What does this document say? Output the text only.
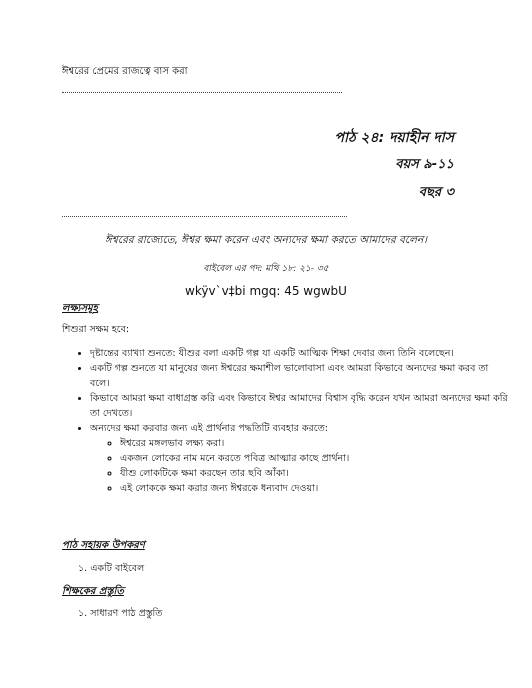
ঈশ্বরের প্রেমের রাজত্বে বাস করা
পাঠ ২৪: দয়াহীন দাস
বয়স ৯-১১
বছর ৩
ঈশ্বরের রাজ্যেতে, ঈশ্বর ক্ষমা করেন এবং অন্যদের ক্ষমা করতে আমাদের বলেন।
বাইবেল এর পদ: মথি ১৮: ২১- ৩৫
wkÿv`v‡bi mgq: 45 wgwbU
লক্ষ্যসমূহ
শিশুরা সক্ষম হবে:
• দৃষ্টান্তের ব্যাখ্যা শুনতে: যীশুর বলা একটি গল্প যা একটি আত্মিক শিক্ষা দেবার জন্য তিনি বলেছেন।
• একটি গল্প শুনতে যা মানুষের জন্য ঈশ্বরের ক্ষমাশীল ভালোবাসা এবং আমরা কিভাবে অন্যদের ক্ষমা করব তা বলে।
• কিভাবে আমরা ক্ষমা বাধাগ্রস্ত করি এবং কিভাবে ঈশ্বর আমাদের বিশ্বাস বৃদ্ধি করেন যখন আমরা অন্যদের ক্ষমা করি তা দেখতে।
• অন্যদের ক্ষমা করবার জন্য এই প্রার্থনার পদ্ধতিটি ব্যবহার করতে:
◦ ঈশ্বরের মঙ্গলভাব লক্ষ্য করা।
◦ একজন লোকের নাম মনে করতে পবিত্র আত্মার কাছে প্রার্থনা।
◦ যীশু লোকটিকে ক্ষমা করছেন তার ছবি আঁকা।
◦ এই লোককে ক্ষমা করার জন্য ঈশ্বরকে ধন্যবাদ দেওয়া।
পাঠ সহায়ক উপকরণ
১. একটি বাইবেল
শিক্ষকের প্রস্তুতি
১. সাধারণ পাঠ প্রস্তুতি
